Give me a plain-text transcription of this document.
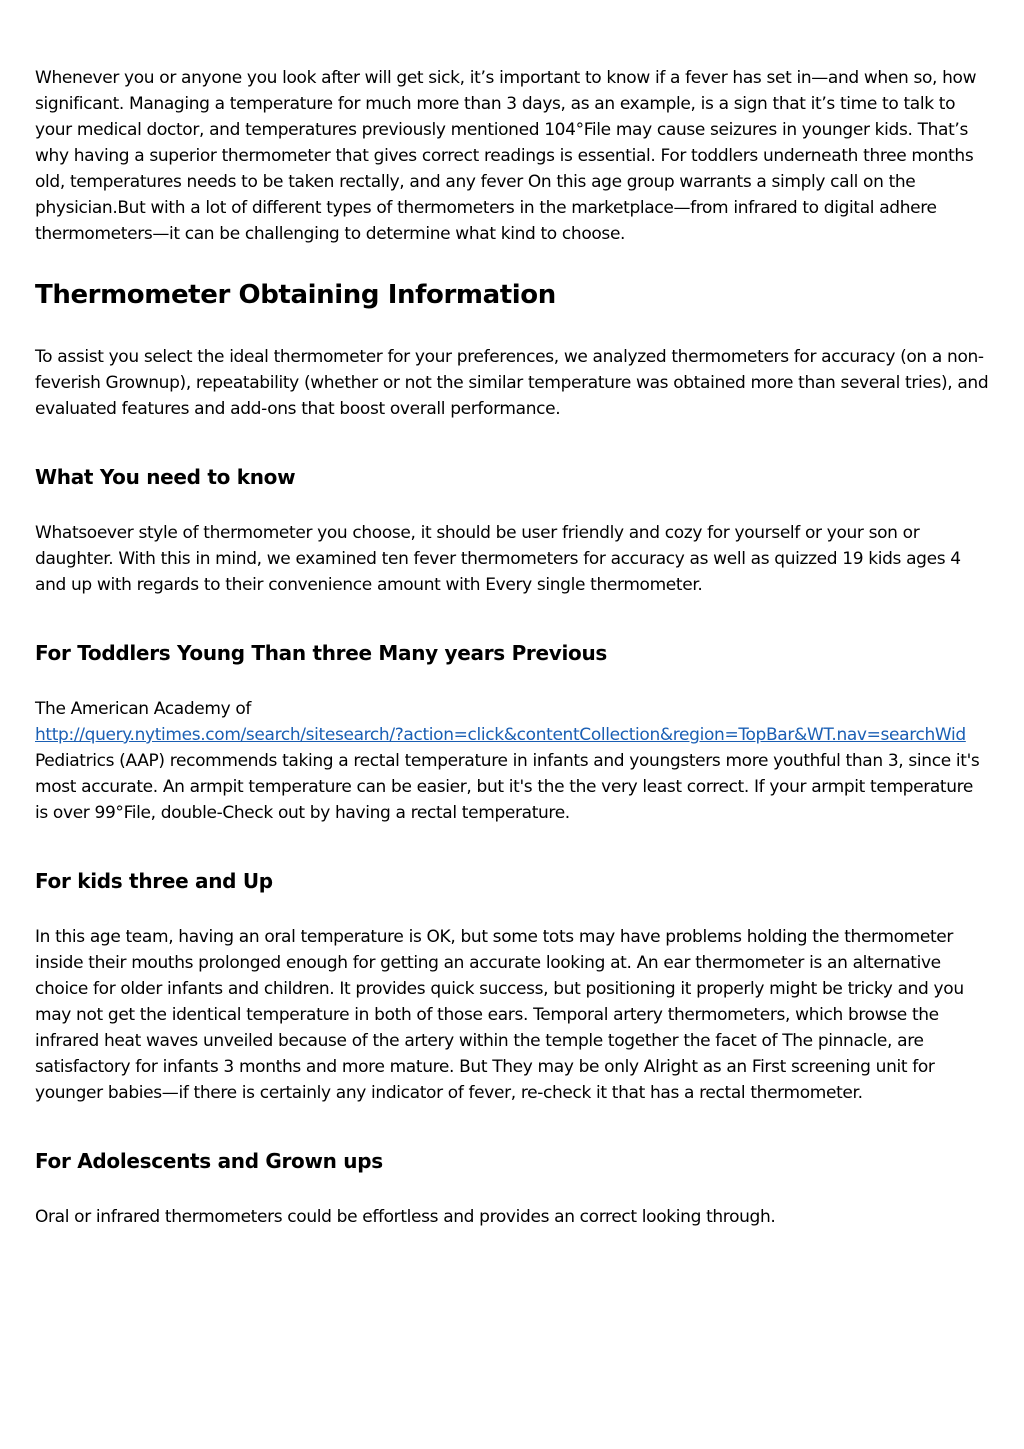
Whenever you or anyone you look after will get sick, it’s important to know if a fever has set in—and when so, how significant. Managing a temperature for much more than 3 days, as an example, is a sign that it’s time to talk to your medical doctor, and temperatures previously mentioned 104°File may cause seizures in younger kids. That’s why having a superior thermometer that gives correct readings is essential. For toddlers underneath three months old, temperatures needs to be taken rectally, and any fever On this age group warrants a simply call on the physician.But with a lot of different types of thermometers in the marketplace—from infrared to digital adhere thermometers—it can be challenging to determine what kind to choose.

Thermometer Obtaining Information

To assist you select the ideal thermometer for your preferences, we analyzed thermometers for accuracy (on a non-feverish Grownup), repeatability (whether or not the similar temperature was obtained more than several tries), and evaluated features and add-ons that boost overall performance.

What You need to know

Whatsoever style of thermometer you choose, it should be user friendly and cozy for yourself or your son or daughter. With this in mind, we examined ten fever thermometers for accuracy as well as quizzed 19 kids ages 4 and up with regards to their convenience amount with Every single thermometer.

For Toddlers Young Than three Many years Previous

The American Academy of
http://query.nytimes.com/search/sitesearch/?action=click&contentCollection&region=TopBar&WT.nav=searchWid
Pediatrics (AAP) recommends taking a rectal temperature in infants and youngsters more youthful than 3, since it's most accurate. An armpit temperature can be easier, but it's the the very least correct. If your armpit temperature is over 99°File, double-Check out by having a rectal temperature.

For kids three and Up

In this age team, having an oral temperature is OK, but some tots may have problems holding the thermometer inside their mouths prolonged enough for getting an accurate looking at. An ear thermometer is an alternative choice for older infants and children. It provides quick success, but positioning it properly might be tricky and you may not get the identical temperature in both of those ears. Temporal artery thermometers, which browse the infrared heat waves unveiled because of the artery within the temple together the facet of The pinnacle, are satisfactory for infants 3 months and more mature. But They may be only Alright as an First screening unit for younger babies—if there is certainly any indicator of fever, re-check it that has a rectal thermometer.

For Adolescents and Grown ups

Oral or infrared thermometers could be effortless and provides an correct looking through.
